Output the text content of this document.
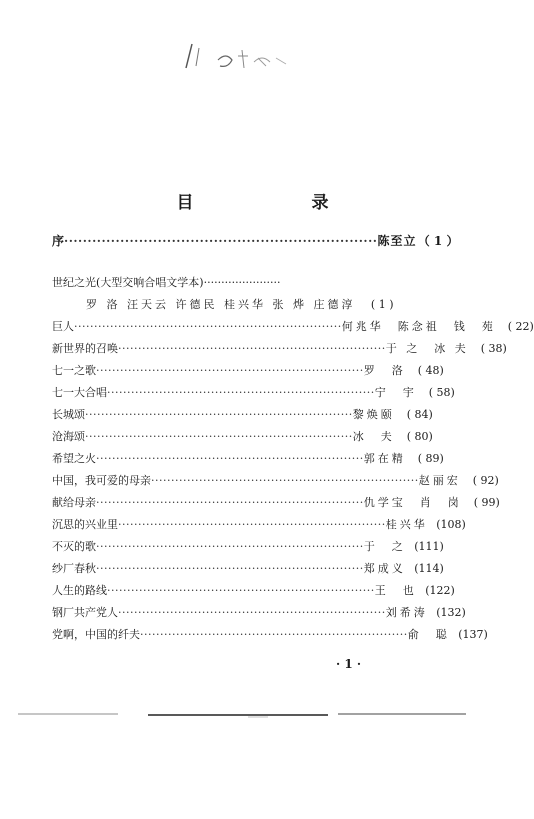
目　　录
序 ··································································· 陈至立 （ 1 ）
世纪之光(大型交响合唱文学本)······················
罗 洛 汪天云 许德民 桂兴华 张 烨 庄德淳	( 1 )
巨人 ··································································· 何兆华　陈念祖　钱　苑	( 22)
新世界的召唤 ··································································· 于 之　冰 夫	( 38)
七一之歌 ··································································· 罗　洛	( 48)
七一大合唱 ··································································· 宁　宇	( 58)
长城颂 ··································································· 黎焕颐	( 84)
沧海颂 ··································································· 冰　夫	( 80)
希望之火 ··································································· 郭在精	( 89)
中国，我可爱的母亲 ··································································· 赵丽宏	( 92)
献给母亲 ··································································· 仇学宝　肖　岗	( 99)
沉思的兴业里 ··································································· 桂兴华 (108)
不灭的歌 ··································································· 于　之 (111)
纱厂春秋 ··································································· 郑成义 (114)
人生的路线 ··································································· 王　也 (122)
钢厂共产党人 ··································································· 刘希涛 (132)
党啊，中国的纤夫 ··································································· 俞　聪 (137)
· 1 ·
